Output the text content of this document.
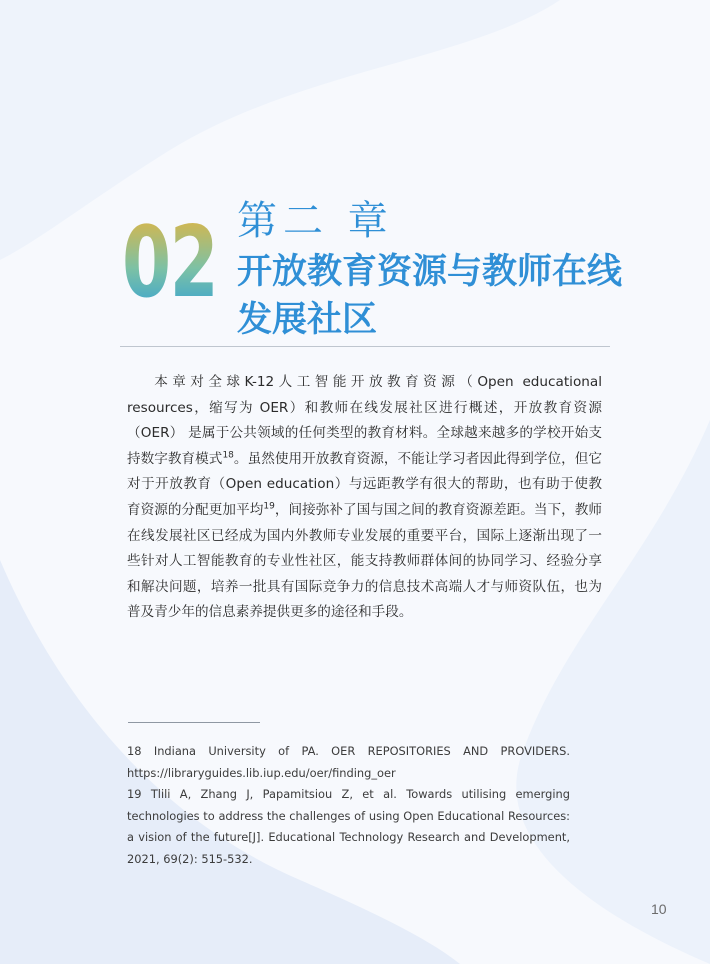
02 第二 章
开放教育资源与教师在线发展社区

本章对全球K-12人工智能开放教育资源（Open educational resources，缩写为 OER）和教师在线发展社区进行概述，开放教育资源（OER） 是属于公共领域的任何类型的教育材料。全球越来越多的学校开始支持数字教育模式$^{18}$。虽然使用开放教育资源，不能让学习者因此得到学位，但它对于开放教育（Open education）与远距教学有很大的帮助，也有助于使教育资源的分配更加平均$^{19}$，间接弥补了国与国之间的教育资源差距。当下，教师在线发展社区已经成为国内外教师专业发展的重要平台，国际上逐渐出现了一些针对人工智能教育的专业性社区，能支持教师群体间的协同学习、经验分享和解决问题，培养一批具有国际竞争力的信息技术高端人才与师资队伍，也为普及青少年的信息素养提供更多的途径和手段。

18 Indiana University of PA. OER REPOSITORIES AND PROVIDERS. https://libraryguides.lib.iup.edu/oer/finding_oer

19 Tlili A, Zhang J, Papamitsiou Z, et al. Towards utilising emerging technologies to address the challenges of using Open Educational Resources: a vision of the future[J]. Educational Technology Research and Development, 2021, 69(2): 515-532.

10
